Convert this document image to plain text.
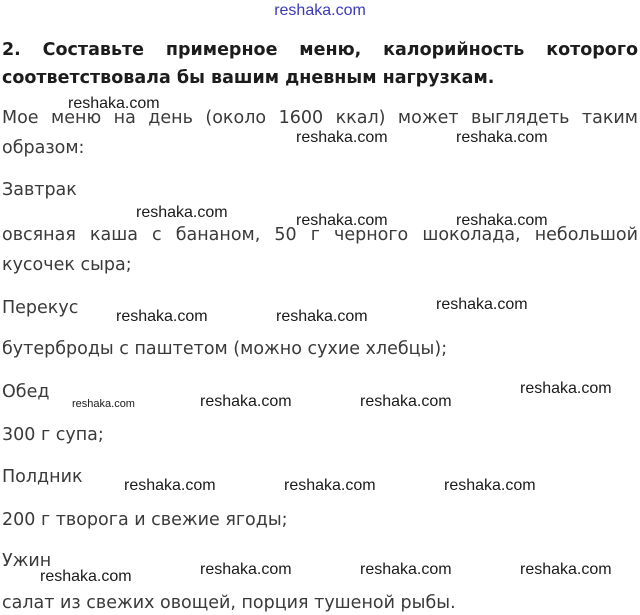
reshaka.com
2. Составьте примерное меню, калорийность которого соответствовала бы вашим дневным нагрузкам.

Мое меню на день (около 1600 ккал) может выглядеть таким

образом:

Завтрак

овсяная каша с бананом, 50 г черного шоколада, небольшой

кусочек сыра;

Перекус

бутерброды с паштетом (можно сухие хлебцы);

Обед

300 г супа;

Полдник

200 г творога и свежие ягоды;

Ужин

салат из свежих овощей, порция тушеной рыбы.

reshaka.com
reshaka.com	reshaka.com
reshaka.com	reshaka.com	reshaka.com
reshaka.com
reshaka.com	reshaka.com
reshaka.com
reshaka.com	reshaka.com	reshaka.com
reshaka.com	reshaka.com	reshaka.com
reshaka.com	reshaka.com	reshaka.com	reshaka.com
